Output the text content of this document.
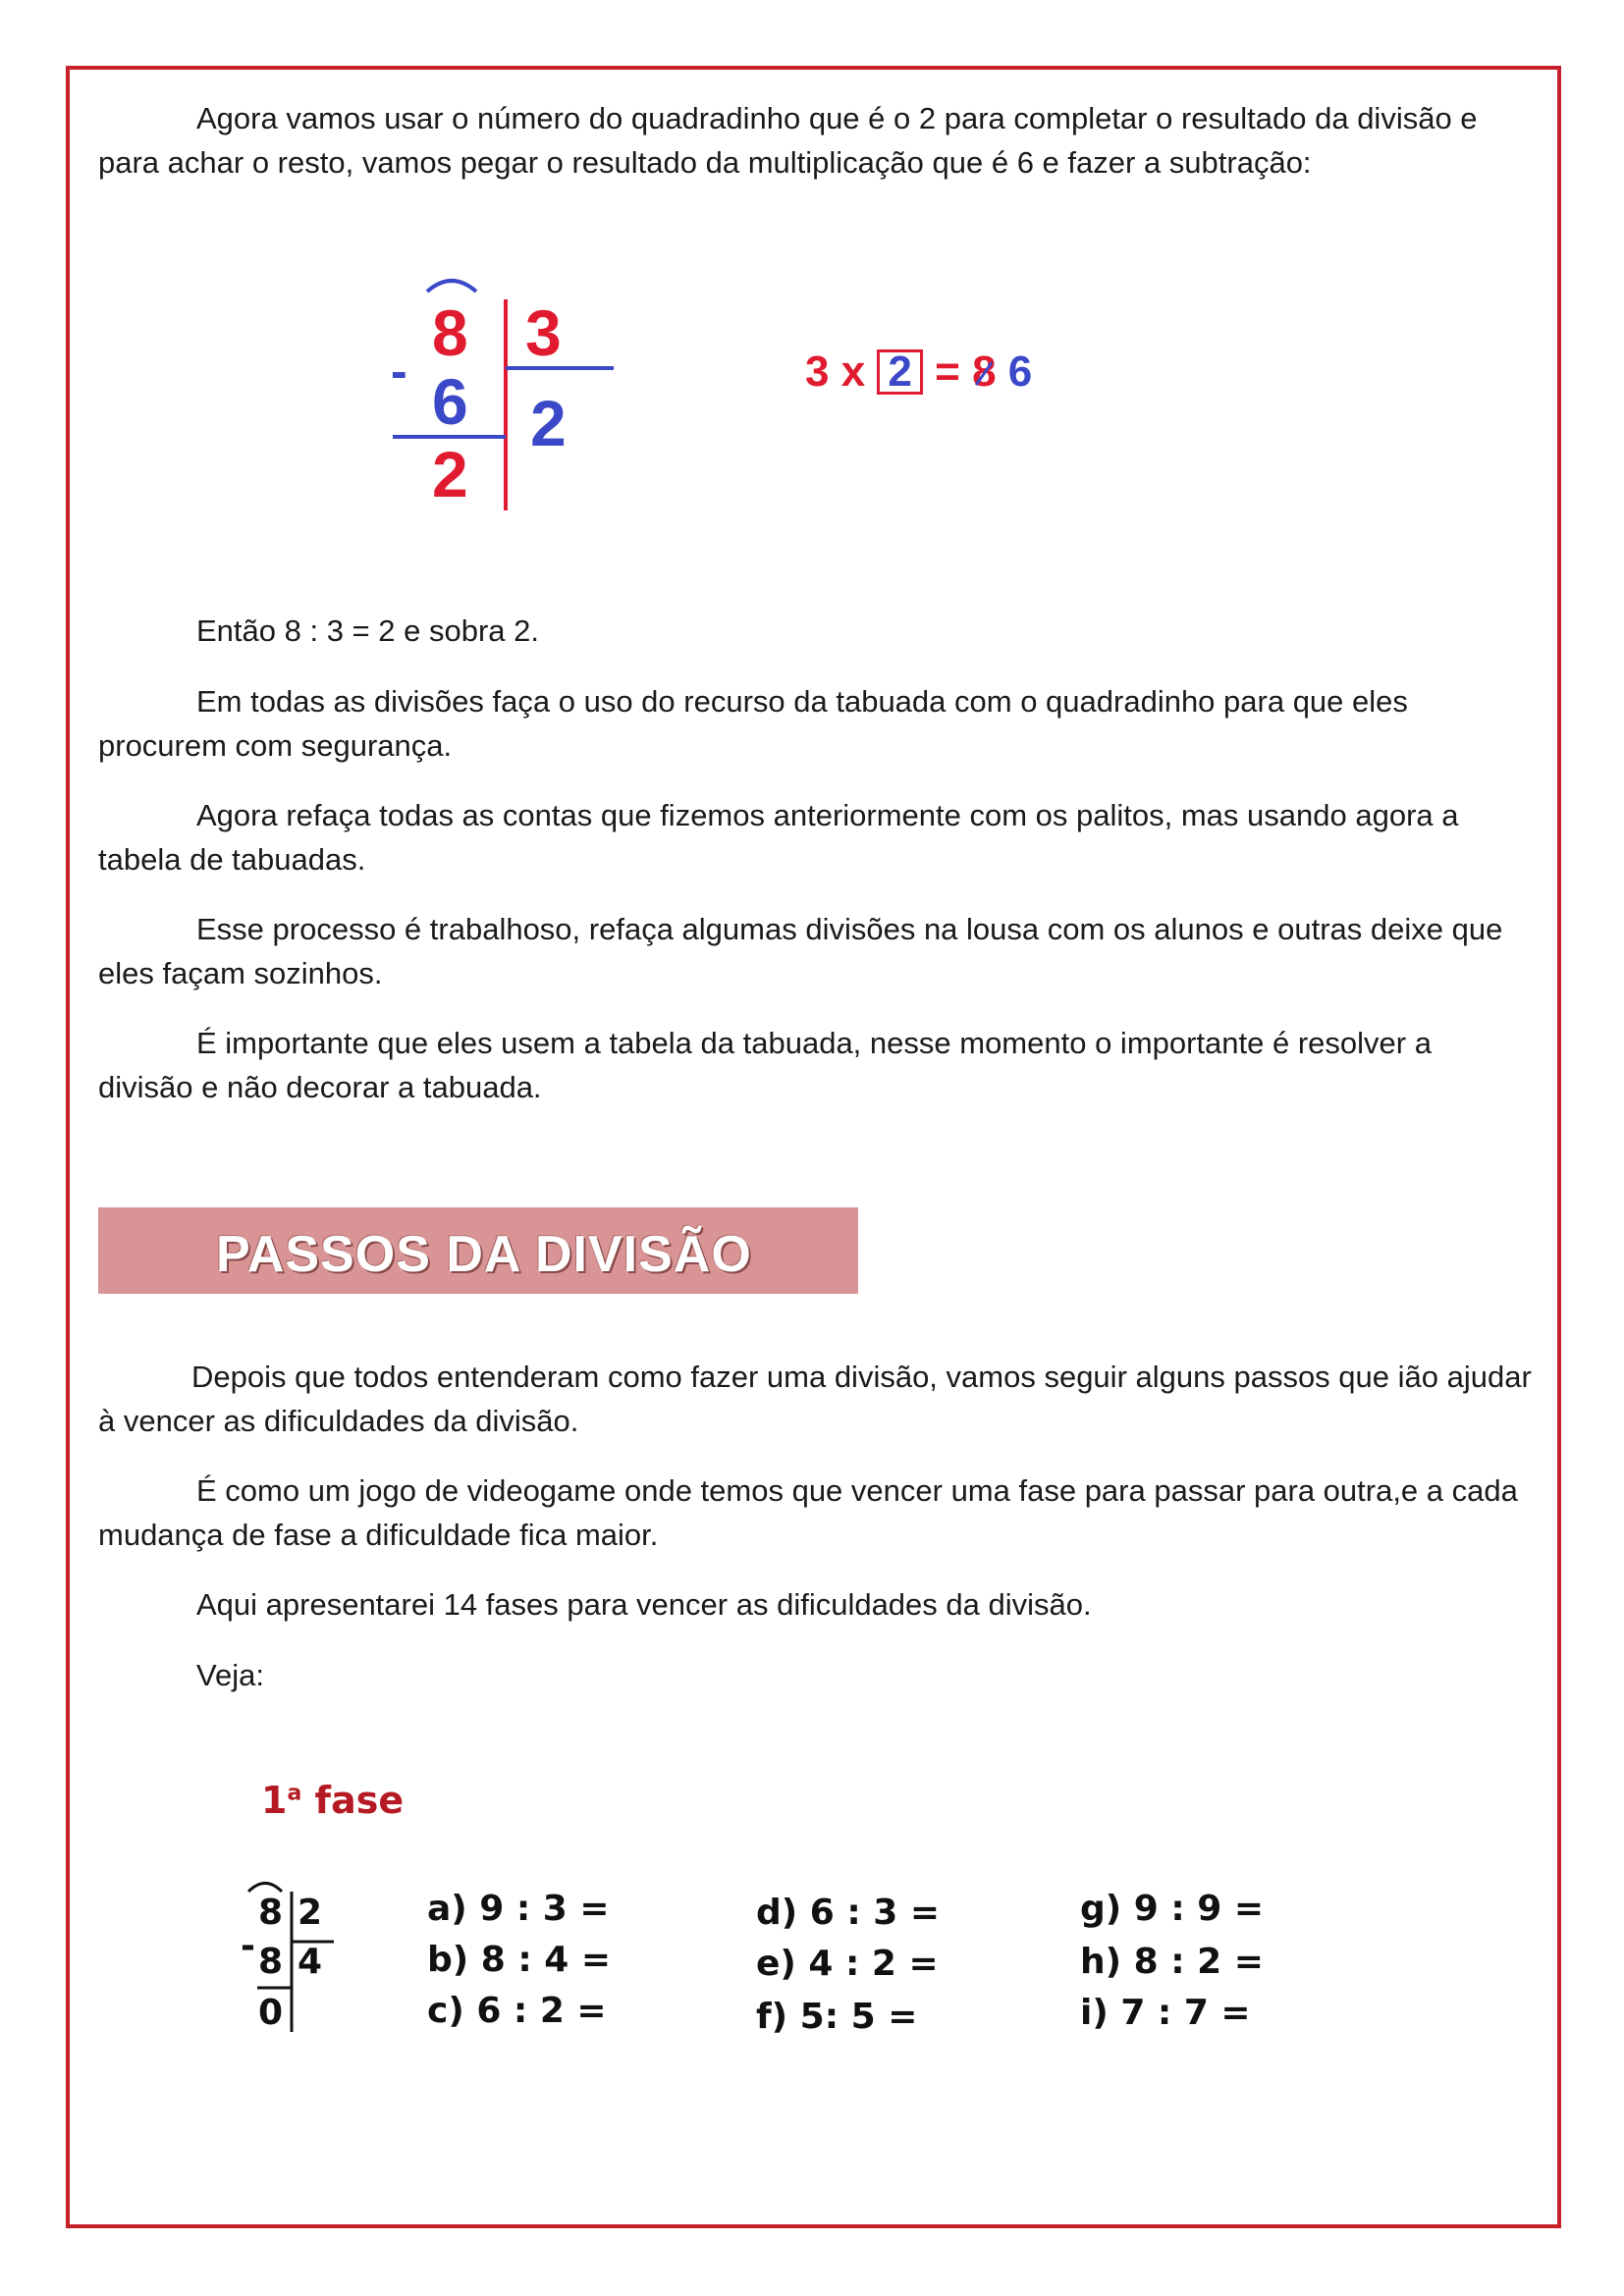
Agora vamos usar o número do quadradinho que é o 2 para completar o resultado da divisão e para achar o resto, vamos pegar o resultado da multiplicação que é 6 e fazer a subtração:

8 3
- 6 2
2
3 x 2 = 8 6

Então 8 : 3 = 2 e sobra 2.

Em todas as divisões faça o uso do recurso da tabuada com o quadradinho para que eles procurem com segurança.

Agora refaça todas as contas que fizemos anteriormente com os palitos, mas usando agora a tabela de tabuadas.

Esse processo é trabalhoso, refaça algumas divisões na lousa com os alunos e outras deixe que eles façam sozinhos.

É importante que eles usem a tabela da tabuada, nesse momento o importante é resolver a divisão e não decorar a tabuada.

PASSOS DA DIVISÃO

Depois que todos entenderam como fazer uma divisão, vamos seguir alguns passos que ião ajudar à vencer as dificuldades da divisão.

É como um jogo de videogame onde temos que vencer uma fase para passar para outra,e a cada mudança de fase a dificuldade fica maior.

Aqui apresentarei 14 fases para vencer as dificuldades da divisão.

Veja:

1$^a$ fase
8 2
- 8 4
0
a) 9 : 3 =
b) 8 : 4 =
c) 6 : 2 =
d) 6 : 3 =
e) 4 : 2 =
f) 5: 5 =
g) 9 : 9 =
h) 8 : 2 =
i) 7 : 7 =
